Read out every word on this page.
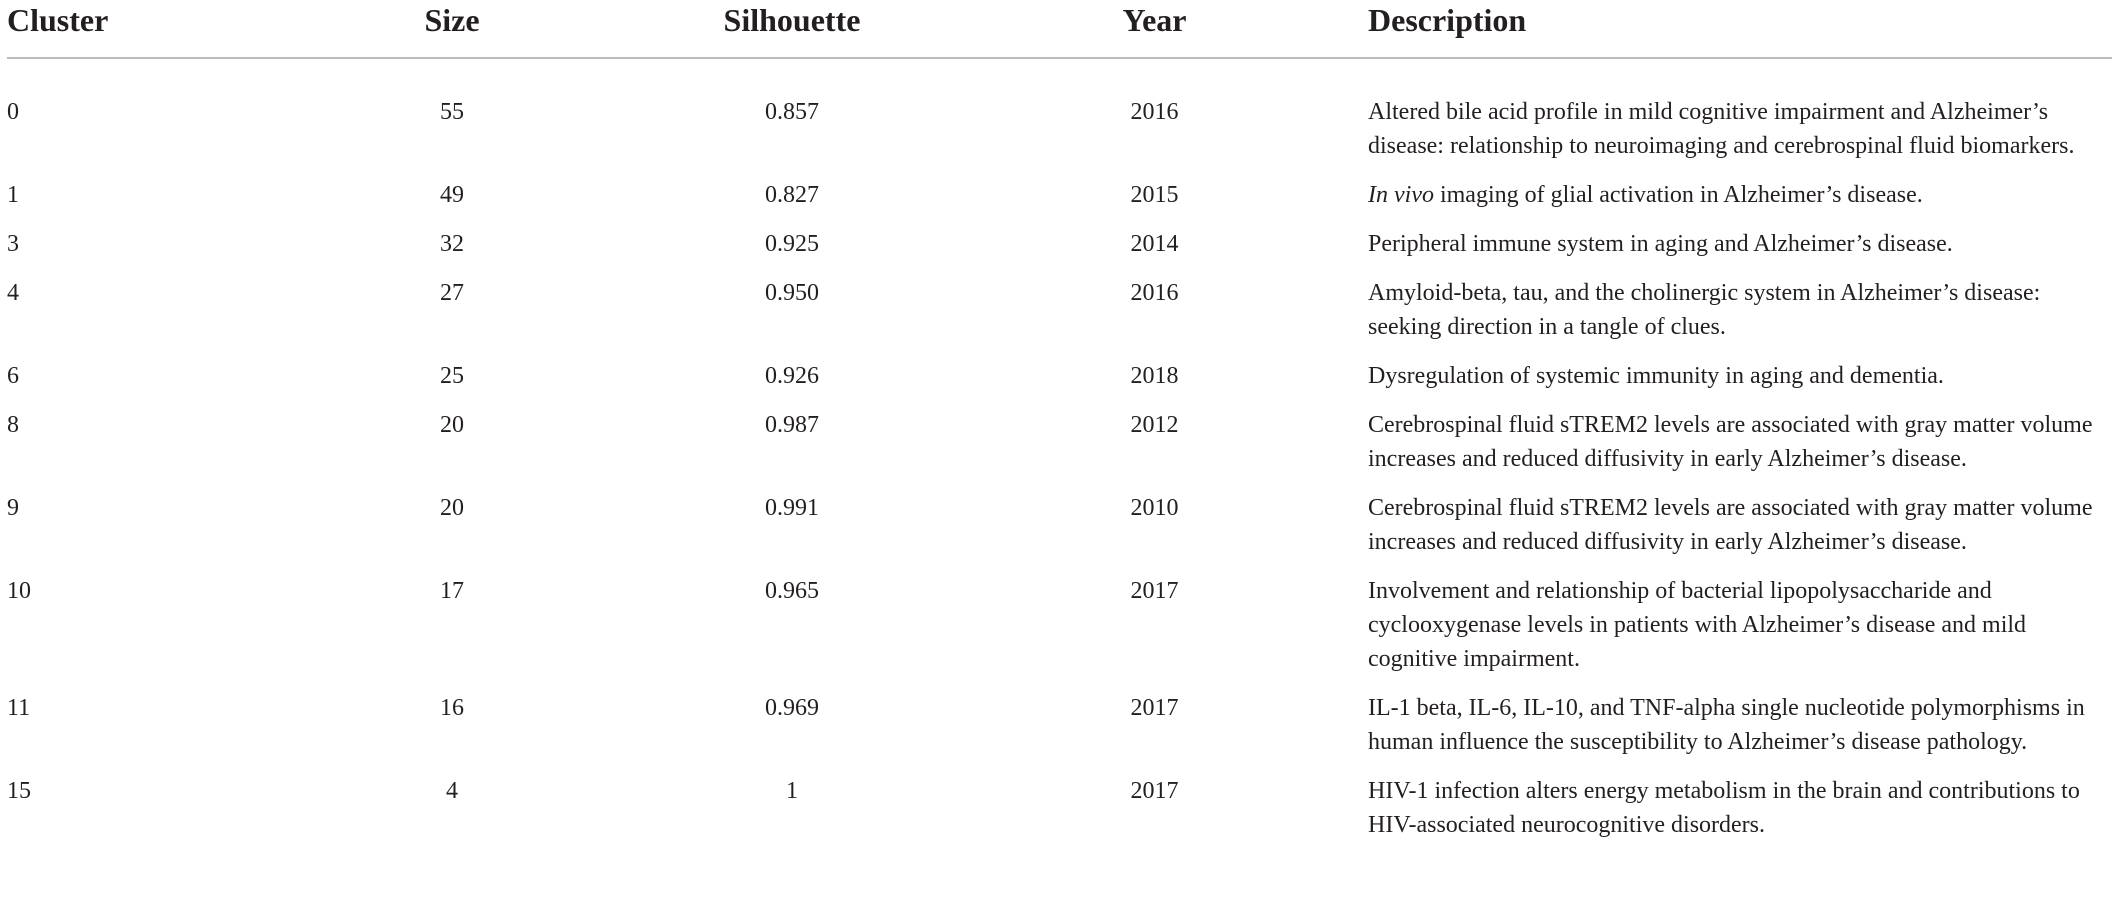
Cluster	Size	Silhouette	Year	Description
0	55	0.857	2016	Altered bile acid profile in mild cognitive impairment and Alzheimer’s disease: relationship to neuroimaging and cerebrospinal fluid biomarkers.
1	49	0.827	2015	In vivo imaging of glial activation in Alzheimer’s disease.
3	32	0.925	2014	Peripheral immune system in aging and Alzheimer’s disease.
4	27	0.950	2016	Amyloid-beta, tau, and the cholinergic system in Alzheimer’s disease: seeking direction in a tangle of clues.
6	25	0.926	2018	Dysregulation of systemic immunity in aging and dementia.
8	20	0.987	2012	Cerebrospinal fluid sTREM2 levels are associated with gray matter volume increases and reduced diffusivity in early Alzheimer’s disease.
9	20	0.991	2010	Cerebrospinal fluid sTREM2 levels are associated with gray matter volume increases and reduced diffusivity in early Alzheimer’s disease.
10	17	0.965	2017	Involvement and relationship of bacterial lipopolysaccharide and cyclooxygenase levels in patients with Alzheimer’s disease and mild cognitive impairment.
11	16	0.969	2017	IL-1 beta, IL-6, IL-10, and TNF-alpha single nucleotide polymorphisms in human influence the susceptibility to Alzheimer’s disease pathology.
15	4	1	2017	HIV-1 infection alters energy metabolism in the brain and contributions to HIV-associated neurocognitive disorders.
